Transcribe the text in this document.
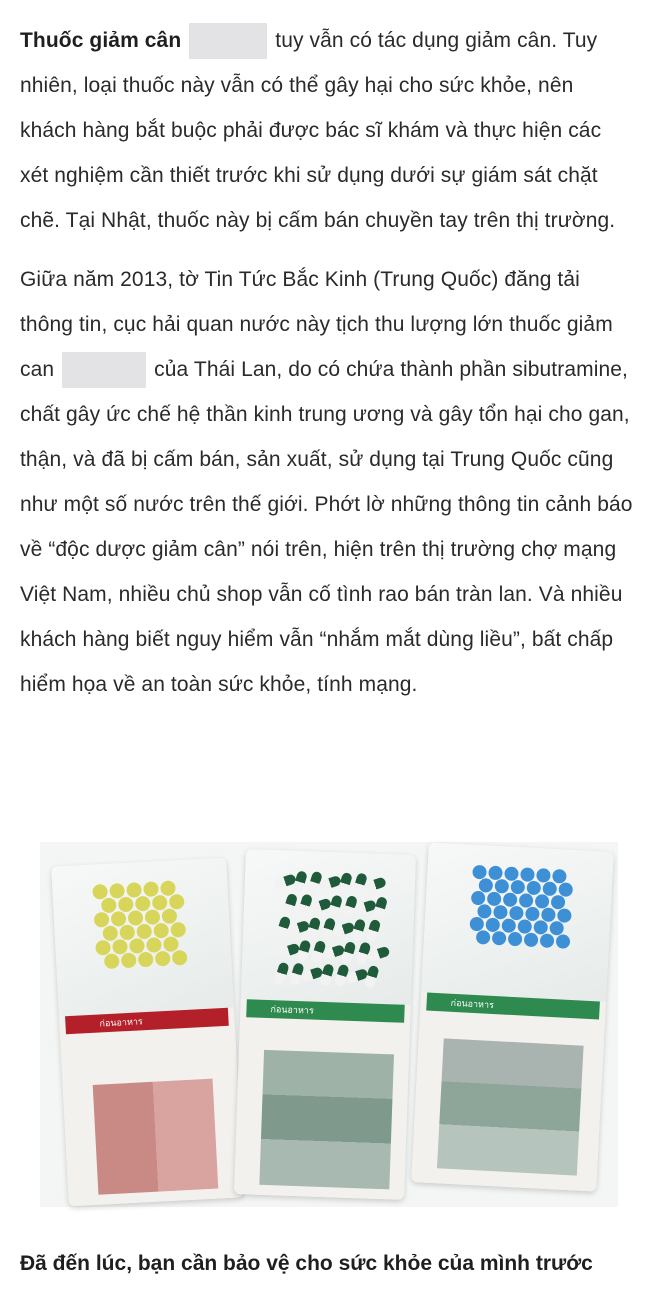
Thuốc giảm cân	tuy vẫn có tác dụng giảm cân. Tuy nhiên, loại thuốc này vẫn có thể gây hại cho sức khỏe, nên khách hàng bắt buộc phải được bác sĩ khám và thực hiện các xét nghiệm cần thiết trước khi sử dụng dưới sự giám sát chặt chẽ. Tại Nhật, thuốc này bị cấm bán chuyền tay trên thị trường.

Giữa năm 2013, tờ Tin Tức Bắc Kinh (Trung Quốc) đăng tải thông tin, cục hải quan nước này tịch thu lượng lớn thuốc giảm can	của Thái Lan, do có chứa thành phần sibutramine, chất gây ức chế hệ thần kinh trung ương và gây tổn hại cho gan, thận, và đã bị cấm bán, sản xuất, sử dụng tại Trung Quốc cũng như một số nước trên thế giới. Phớt lờ những thông tin cảnh báo về “độc dược giảm cân” nói trên, hiện trên thị trường chợ mạng Việt Nam, nhiều chủ shop vẫn cố tình rao bán tràn lan. Và nhiều khách hàng biết nguy hiểm vẫn “nhắm mắt dùng liều”, bất chấp hiểm họa về an toàn sức khỏe, tính mạng.

ก่อนอาหาร
ก่อนอาหาร	ก่อนอาหาร
Đã đến lúc, bạn cần bảo vệ cho sức khỏe của mình trước
